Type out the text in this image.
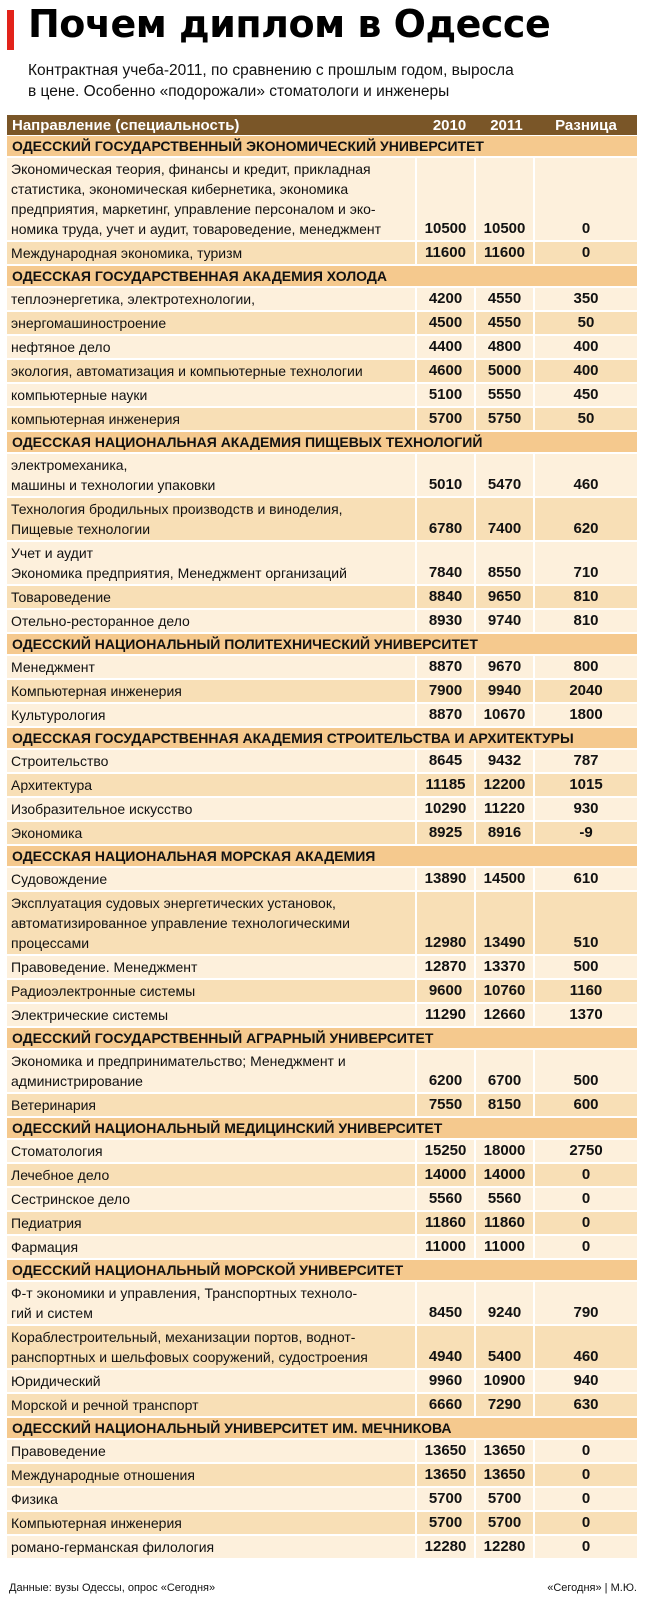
Почем диплом в Одессе
Контрактная учеба-2011, по сравнению с прошлым годом, выросла
в цене. Особенно «подорожали» стоматологи и инженеры
Направление (специальность)	2010	2011	Разница
ОДЕССКИЙ ГОСУДАРСТВЕННЫЙ ЭКОНОМИЧЕСКИЙ УНИВЕРСИТЕТ
Экономическая теория, финансы и кредит, прикладная
статистика, экономическая кибернетика, экономика
предприятия, маркетинг, управление персоналом и эко-
номика труда, учет и аудит, товароведение, менеджмент	10500	10500	0
Международная экономика, туризм	11600	11600	0
ОДЕССКАЯ ГОСУДАРСТВЕННАЯ АКАДЕМИЯ ХОЛОДА
теплоэнергетика, электротехнологии,	4200	4550	350
энергомашиностроение	4500	4550	50
нефтяное дело	4400	4800	400
экология, автоматизация и компьютерные технологии	4600	5000	400
компьютерные науки	5100	5550	450
компьютерная инженерия	5700	5750	50
ОДЕССКАЯ НАЦИОНАЛЬНАЯ АКАДЕМИЯ ПИЩЕВЫХ ТЕХНОЛОГИЙ
электромеханика,
машины и технологии упаковки	5010	5470	460
Технология бродильных производств и виноделия,
Пищевые технологии	6780	7400	620
Учет и аудит
Экономика предприятия, Менеджмент организаций	7840	8550	710
Товароведение	8840	9650	810
Отельно-ресторанное дело	8930	9740	810
ОДЕССКИЙ НАЦИОНАЛЬНЫЙ ПОЛИТЕХНИЧЕСКИЙ УНИВЕРСИТЕТ
Менеджмент	8870	9670	800
Компьютерная инженерия	7900	9940	2040
Культурология	8870	10670	1800
ОДЕССКАЯ ГОСУДАРСТВЕННАЯ АКАДЕМИЯ СТРОИТЕЛЬСТВА И АРХИТЕКТУРЫ
Строительство	8645	9432	787
Архитектура	11185	12200	1015
Изобразительное искусство	10290	11220	930
Экономика	8925	8916	-9
ОДЕССКАЯ НАЦИОНАЛЬНАЯ МОРСКАЯ АКАДЕМИЯ
Судовождение	13890	14500	610
Эксплуатация судовых энергетических установок,
автоматизированное управление технологическими
процессами	12980	13490	510
Правоведение. Менеджмент	12870	13370	500
Радиоэлектронные системы	9600	10760	1160
Электрические системы	11290	12660	1370
ОДЕССКИЙ ГОСУДАРСТВЕННЫЙ АГРАРНЫЙ УНИВЕРСИТЕТ
Экономика и предпринимательство; Менеджмент и
администрирование	6200	6700	500
Ветеринария	7550	8150	600
ОДЕССКИЙ НАЦИОНАЛЬНЫЙ МЕДИЦИНСКИЙ УНИВЕРСИТЕТ
Стоматология	15250	18000	2750
Лечебное дело	14000	14000	0
Сестринское дело	5560	5560	0
Педиатрия	11860	11860	0
Фармация	11000	11000	0
ОДЕССКИЙ НАЦИОНАЛЬНЫЙ МОРСКОЙ УНИВЕРСИТЕТ
Ф-т экономики и управления, Транспортных техноло-
гий и систем	8450	9240	790
Кораблестроительный, механизации портов, воднот-
ранспортных и шельфовых сооружений, судостроения	4940	5400	460
Юридический	9960	10900	940
Морской и речной транспорт	6660	7290	630
ОДЕССКИЙ НАЦИОНАЛЬНЫЙ УНИВЕРСИТЕТ ИМ. МЕЧНИКОВА
Правоведение	13650	13650	0
Международные отношения	13650	13650	0
Физика	5700	5700	0
Компьютерная инженерия	5700	5700	0
романо-германская филология	12280	12280	0
Данные: вузы Одессы, опрос «Сегодня»	«Сегодня» | М.Ю.
